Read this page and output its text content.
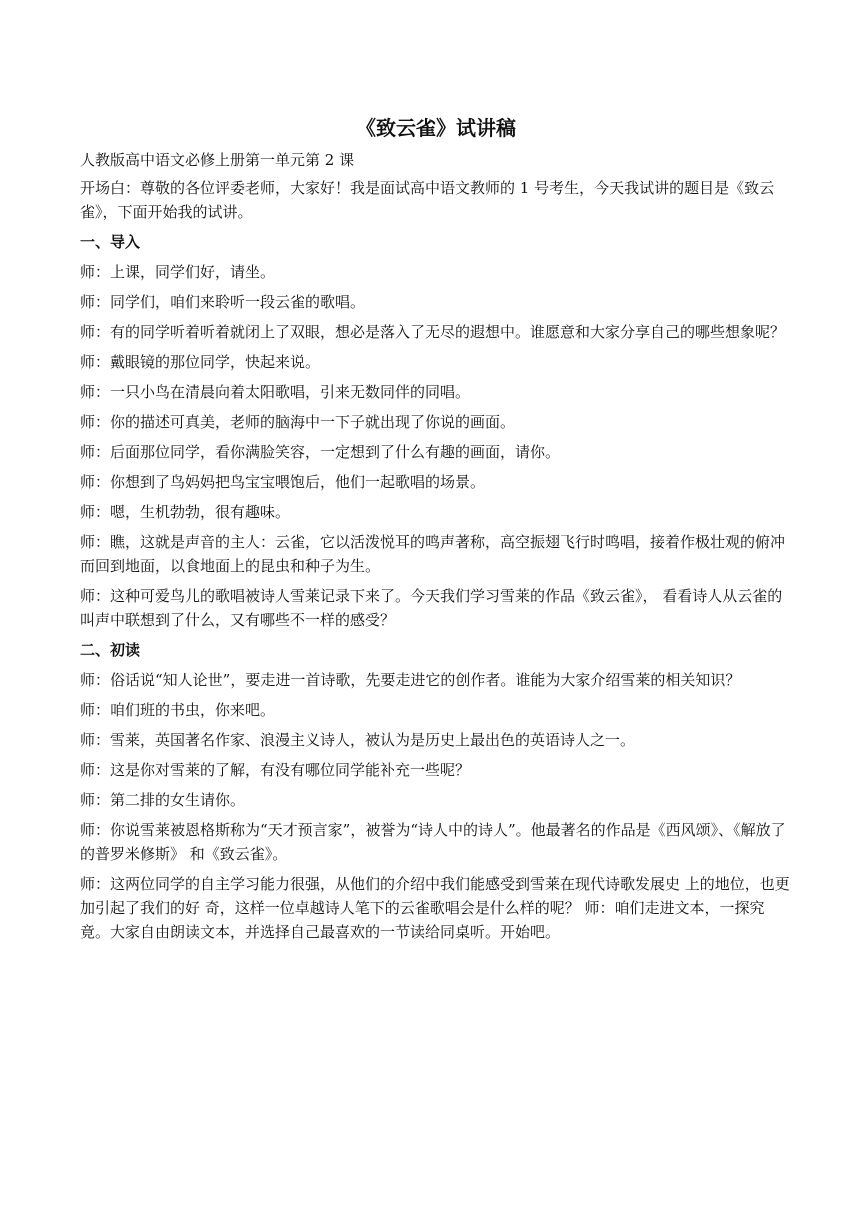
《致云雀》试讲稿
人教版高中语文必修上册第一单元第 2 课
开场白：尊敬的各位评委老师，大家好！我是面试高中语文教师的 1 号考生，今天我试讲的题目是《致云雀》，下面开始我的试讲。
一、导入
师：上课，同学们好，请坐。
师：同学们，咱们来聆听一段云雀的歌唱。
师：有的同学听着听着就闭上了双眼，想必是落入了无尽的遐想中。谁愿意和大家分享自己的哪些想象呢？
师：戴眼镜的那位同学，快起来说。
师：一只小鸟在清晨向着太阳歌唱，引来无数同伴的同唱。
师：你的描述可真美，老师的脑海中一下子就出现了你说的画面。
师：后面那位同学，看你满脸笑容，一定想到了什么有趣的画面，请你。
师：你想到了鸟妈妈把鸟宝宝喂饱后，他们一起歌唱的场景。
师：嗯，生机勃勃，很有趣味。
师：瞧，这就是声音的主人：云雀，它以活泼悦耳的鸣声著称，高空振翅飞行时鸣唱，接着作极壮观的俯冲而回到地面，以食地面上的昆虫和种子为生。
师：这种可爱鸟儿的歌唱被诗人雪莱记录下来了。今天我们学习雪莱的作品《致云雀》， 看看诗人从云雀的叫声中联想到了什么，又有哪些不一样的感受？
二、初读
师：俗话说“知人论世”，要走进一首诗歌，先要走进它的创作者。谁能为大家介绍雪莱的相关知识？
师：咱们班的书虫，你来吧。
师：雪莱，英国著名作家、浪漫主义诗人，被认为是历史上最出色的英语诗人之一。
师：这是你对雪莱的了解，有没有哪位同学能补充一些呢？
师：第二排的女生请你。
师：你说雪莱被恩格斯称为“天才预言家”，被誉为“诗人中的诗人”。他最著名的作品是《西风颂》、《解放了的普罗米修斯》 和《致云雀》。
师：这两位同学的自主学习能力很强，从他们的介绍中我们能感受到雪莱在现代诗歌发展史 上的地位，也更加引起了我们的好 奇，这样一位卓越诗人笔下的云雀歌唱会是什么样的呢？ 师：咱们走进文本，一探究竟。大家自由朗读文本，并选择自己最喜欢的一节读给同桌听。开始吧。
